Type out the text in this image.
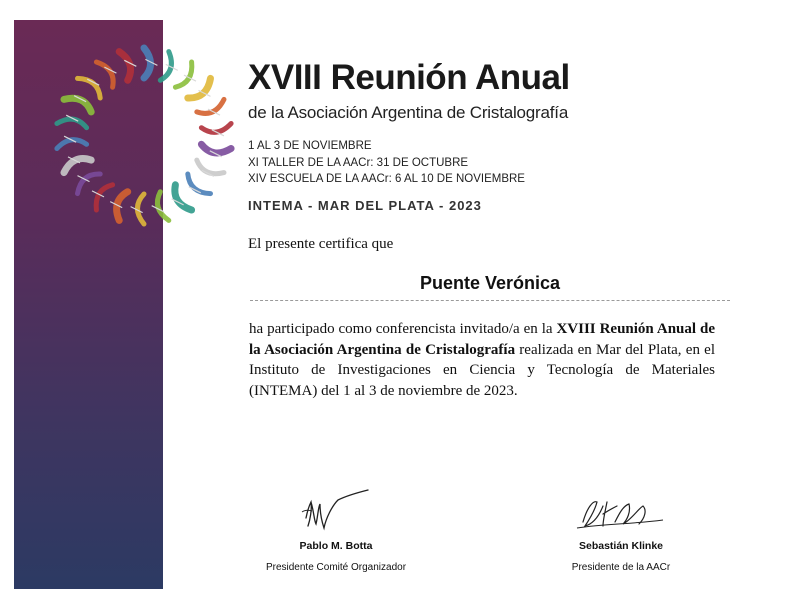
XVIII Reunión Anual
de la Asociación Argentina de Cristalografía
1 AL 3 DE NOVIEMBRE
XI TALLER DE LA AACr: 31 DE OCTUBRE
XIV ESCUELA DE LA AACr: 6 AL 10 DE NOVIEMBRE
INTEMA - MAR DEL PLATA - 2023
El presente certifica que
Puente Verónica
ha participado como conferencista invitado/a en la XVIII Reunión Anual de la Asociación Argentina de Cristalografía realizada en Mar del Plata, en el Instituto de Investigaciones en Ciencia y Tecnología de Materiales (INTEMA) del 1 al 3 de noviembre de 2023.
Pablo M. Botta
Presidente Comité Organizador
Sebastián Klinke
Presidente de la AACr
